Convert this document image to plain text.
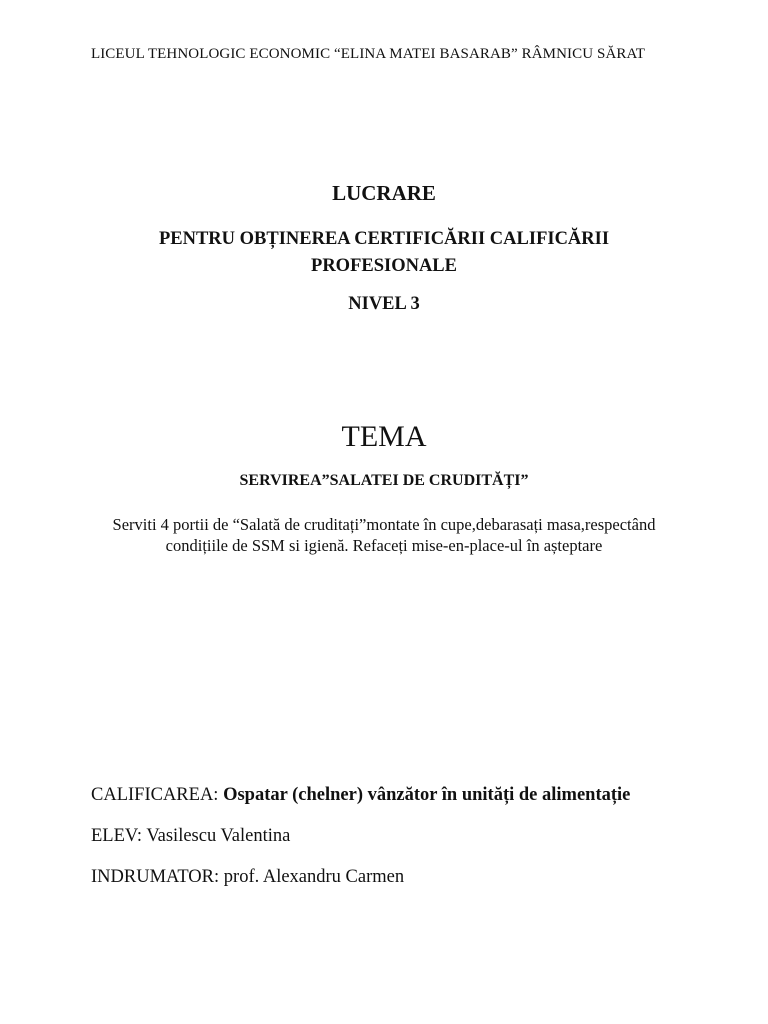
LICEUL TEHNOLOGIC ECONOMIC “ELINA MATEI BASARAB” RÂMNICU SĂRAT
LUCRARE
PENTRU OBȚINEREA CERTIFICĂRII CALIFICĂRII
PROFESIONALE
NIVEL 3
TEMA
SERVIREA”SALATEI DE CRUDITĂȚI”
Serviti 4 portii de “Salată de cruditați”montate în cupe,debarasați masa,respectând
condițiile de SSM si igienă. Refaceți mise-en-place-ul în așteptare
CALIFICAREA: Ospatar (chelner) vânzător în unități de alimentație
ELEV: Vasilescu Valentina
INDRUMATOR: prof. Alexandru Carmen
